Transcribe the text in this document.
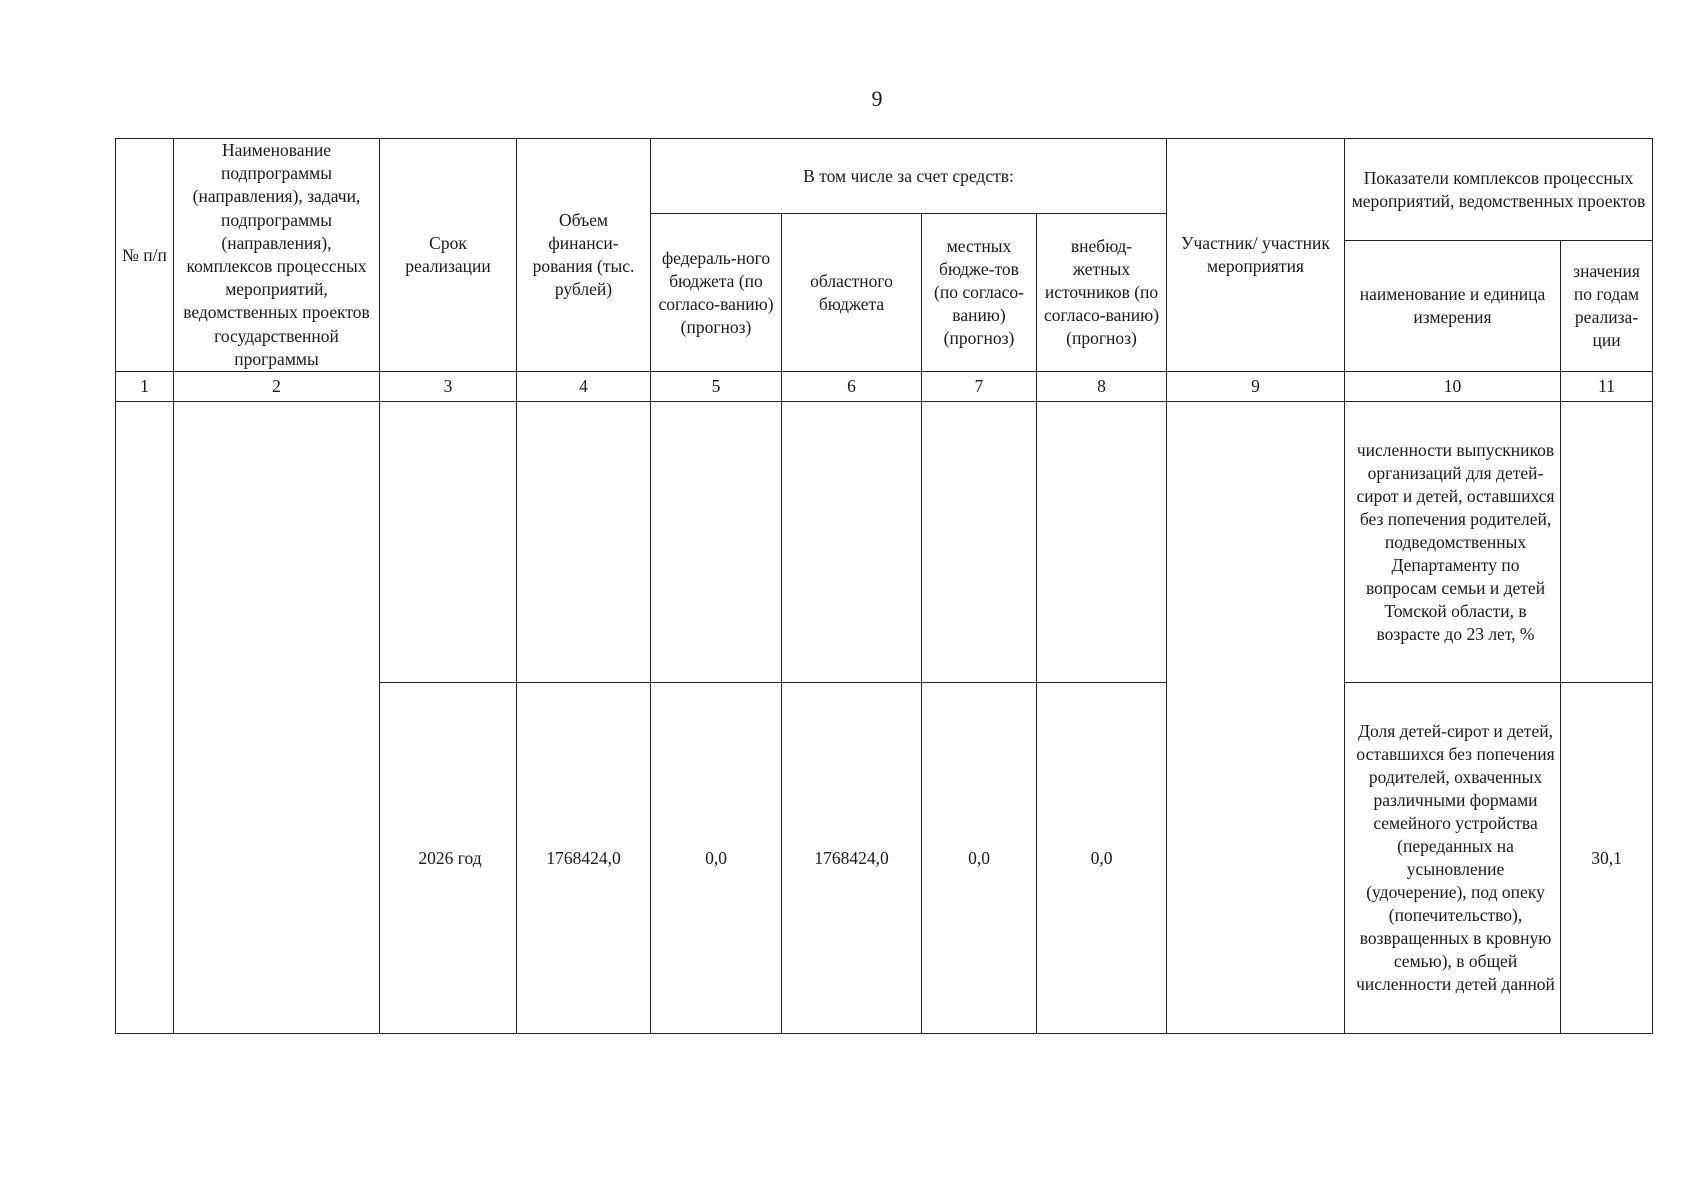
9
№ п/п	Наименование подпрограммы (направления), задачи, подпрограммы (направления), комплексов процессных мероприятий, ведомственных проектов государственной программы	Срок реализации	Объем финанси-рования (тыс. рублей)	В том числе за счет средств:				Участник/ участник мероприятия	Показатели комплексов процессных мероприятий, ведомственных проектов	
				федераль-ного бюджета (по согласо-ванию) (прогноз)	областного бюджета	местных бюдже-тов (по согласо-ванию) (прогноз)	внебюд-жетных источников (по согласо-ванию) (прогноз)			
									наименование и единица измерения	значения по годам реализа-ции
1	2	3	4	5	6	7	8	9	10	11
									численности выпускников организаций для детей-сирот и детей, оставшихся без попечения родителей, подведомственных Департаменту по вопросам семьи и детей Томской области, в возрасте до 23 лет, %	
		2026 год	1768424,0	0,0	1768424,0	0,0	0,0		Доля детей-сирот и детей, оставшихся без попечения родителей, охваченных различными формами семейного устройства (переданных на усыновление (удочерение), под опеку (попечительство), возвращенных в кровную семью), в общей численности детей данной	30,1
